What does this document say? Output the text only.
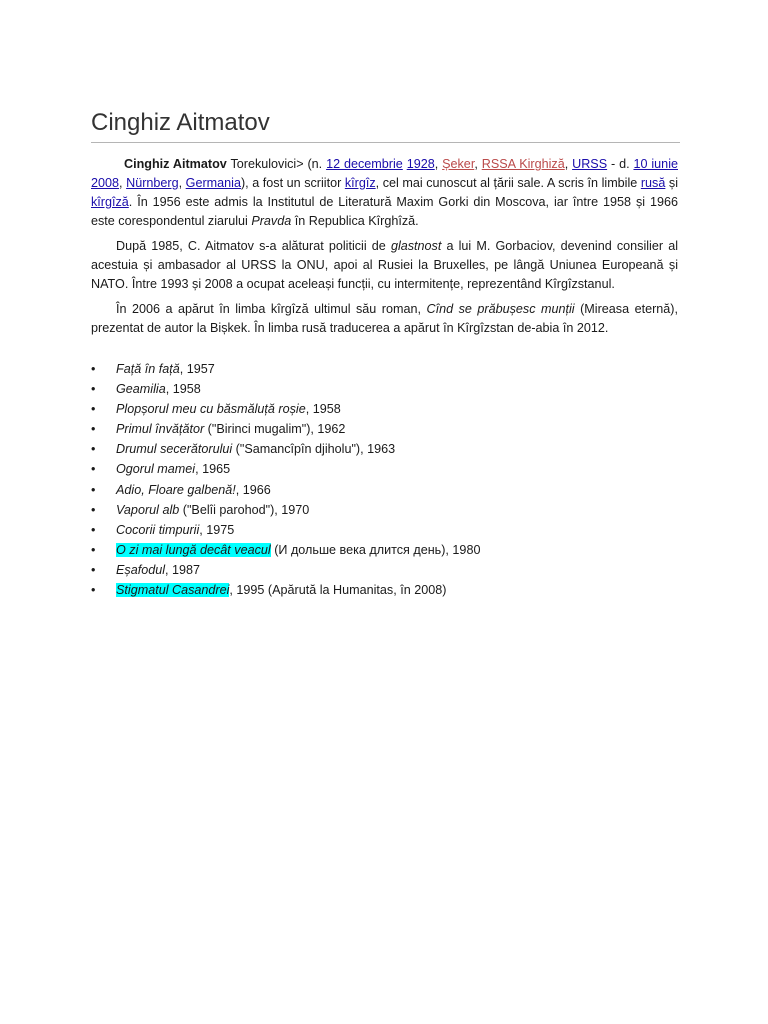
Cinghiz Aitmatov

Cinghiz Aitmatov Torekulovici> (n. 12 decembrie 1928, Șeker, RSSA Kirghiză, URSS - d. 10 iunie 2008, Nürnberg, Germania), a fost un scriitor kîrgîz, cel mai cunoscut al țării sale. A scris în limbile rusă și kîrgîză. În 1956 este admis la Institutul de Literatură Maxim Gorki din Moscova, iar între 1958 și 1966 este corespondentul ziarului Pravda în Republica Kîrghîză.

După 1985, C. Aitmatov s-a alăturat politicii de glastnost a lui M. Gorbaciov, devenind consilier al acestuia și ambasador al URSS la ONU, apoi al Rusiei la Bruxelles, pe lângă Uniunea Europeană și NATO. Între 1993 și 2008 a ocupat aceleași funcții, cu intermitențe, reprezentând Kîrgîzstanul.

În 2006 a apărut în limba kîrgîză ultimul său roman, Cînd se prăbușesc munții (Mireasa eternă), prezentat de autor la Bișkek. În limba rusă traducerea a apărut în Kîrgîzstan de-abia în 2012.

• Față în față, 1957
• Geamilia, 1958
• Plopșorul meu cu băsmăluță roșie, 1958
• Primul învățător ("Birinci mugalim"), 1962
• Drumul secerătorului ("Samancîpîn djiholu"), 1963
• Ogorul mamei, 1965
• Adio, Floare galbenă!, 1966
• Vaporul alb ("Belîi parohod"), 1970
• Cocorii timpurii, 1975
• O zi mai lungă decât veacul (И дольше века длится день), 1980
• Eșafodul, 1987
• Stigmatul Casandrei, 1995 (Apărută la Humanitas, în 2008)
